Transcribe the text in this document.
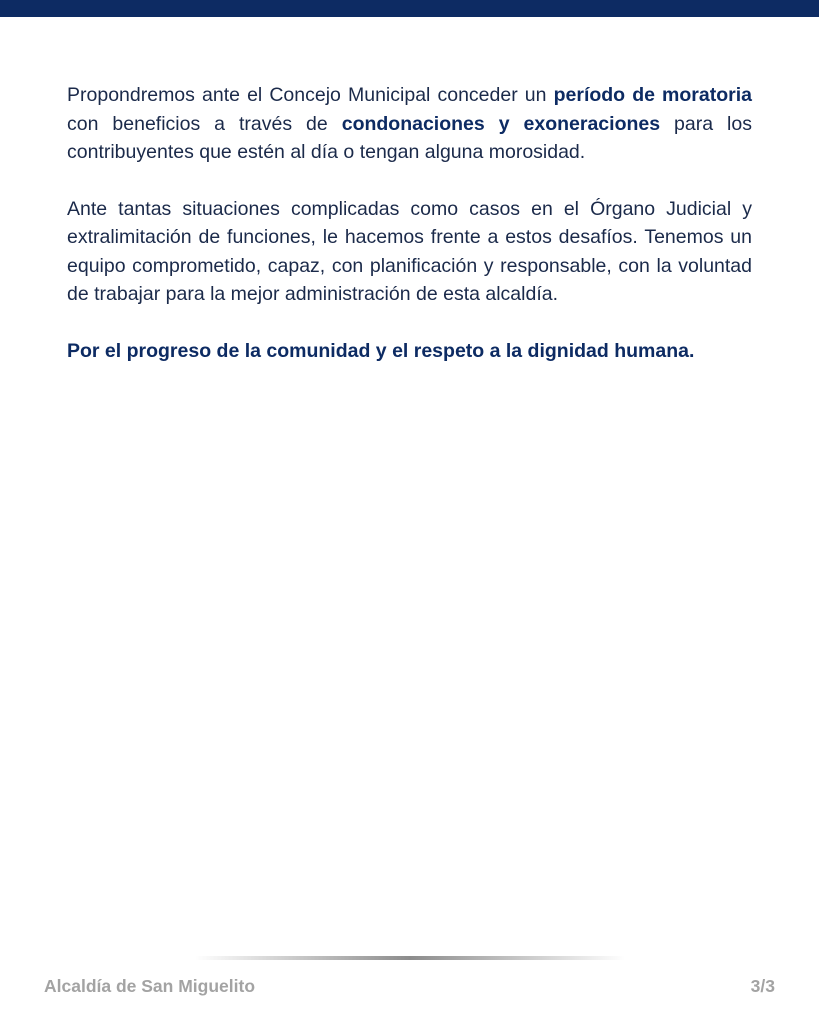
Propondremos ante el Concejo Municipal conceder un período de moratoria con beneficios a través de condonaciones y exoneraciones para los contribuyentes que estén al día o tengan alguna morosidad.

Ante tantas situaciones complicadas como casos en el Órgano Judicial y extralimitación de funciones, le hacemos frente a estos desafíos. Tenemos un equipo comprometido, capaz, con planificación y responsable, con la voluntad de trabajar para la mejor administración de esta alcaldía.

Por el progreso de la comunidad y el respeto a la dignidad humana.

Alcaldía de San Miguelito	3/3
